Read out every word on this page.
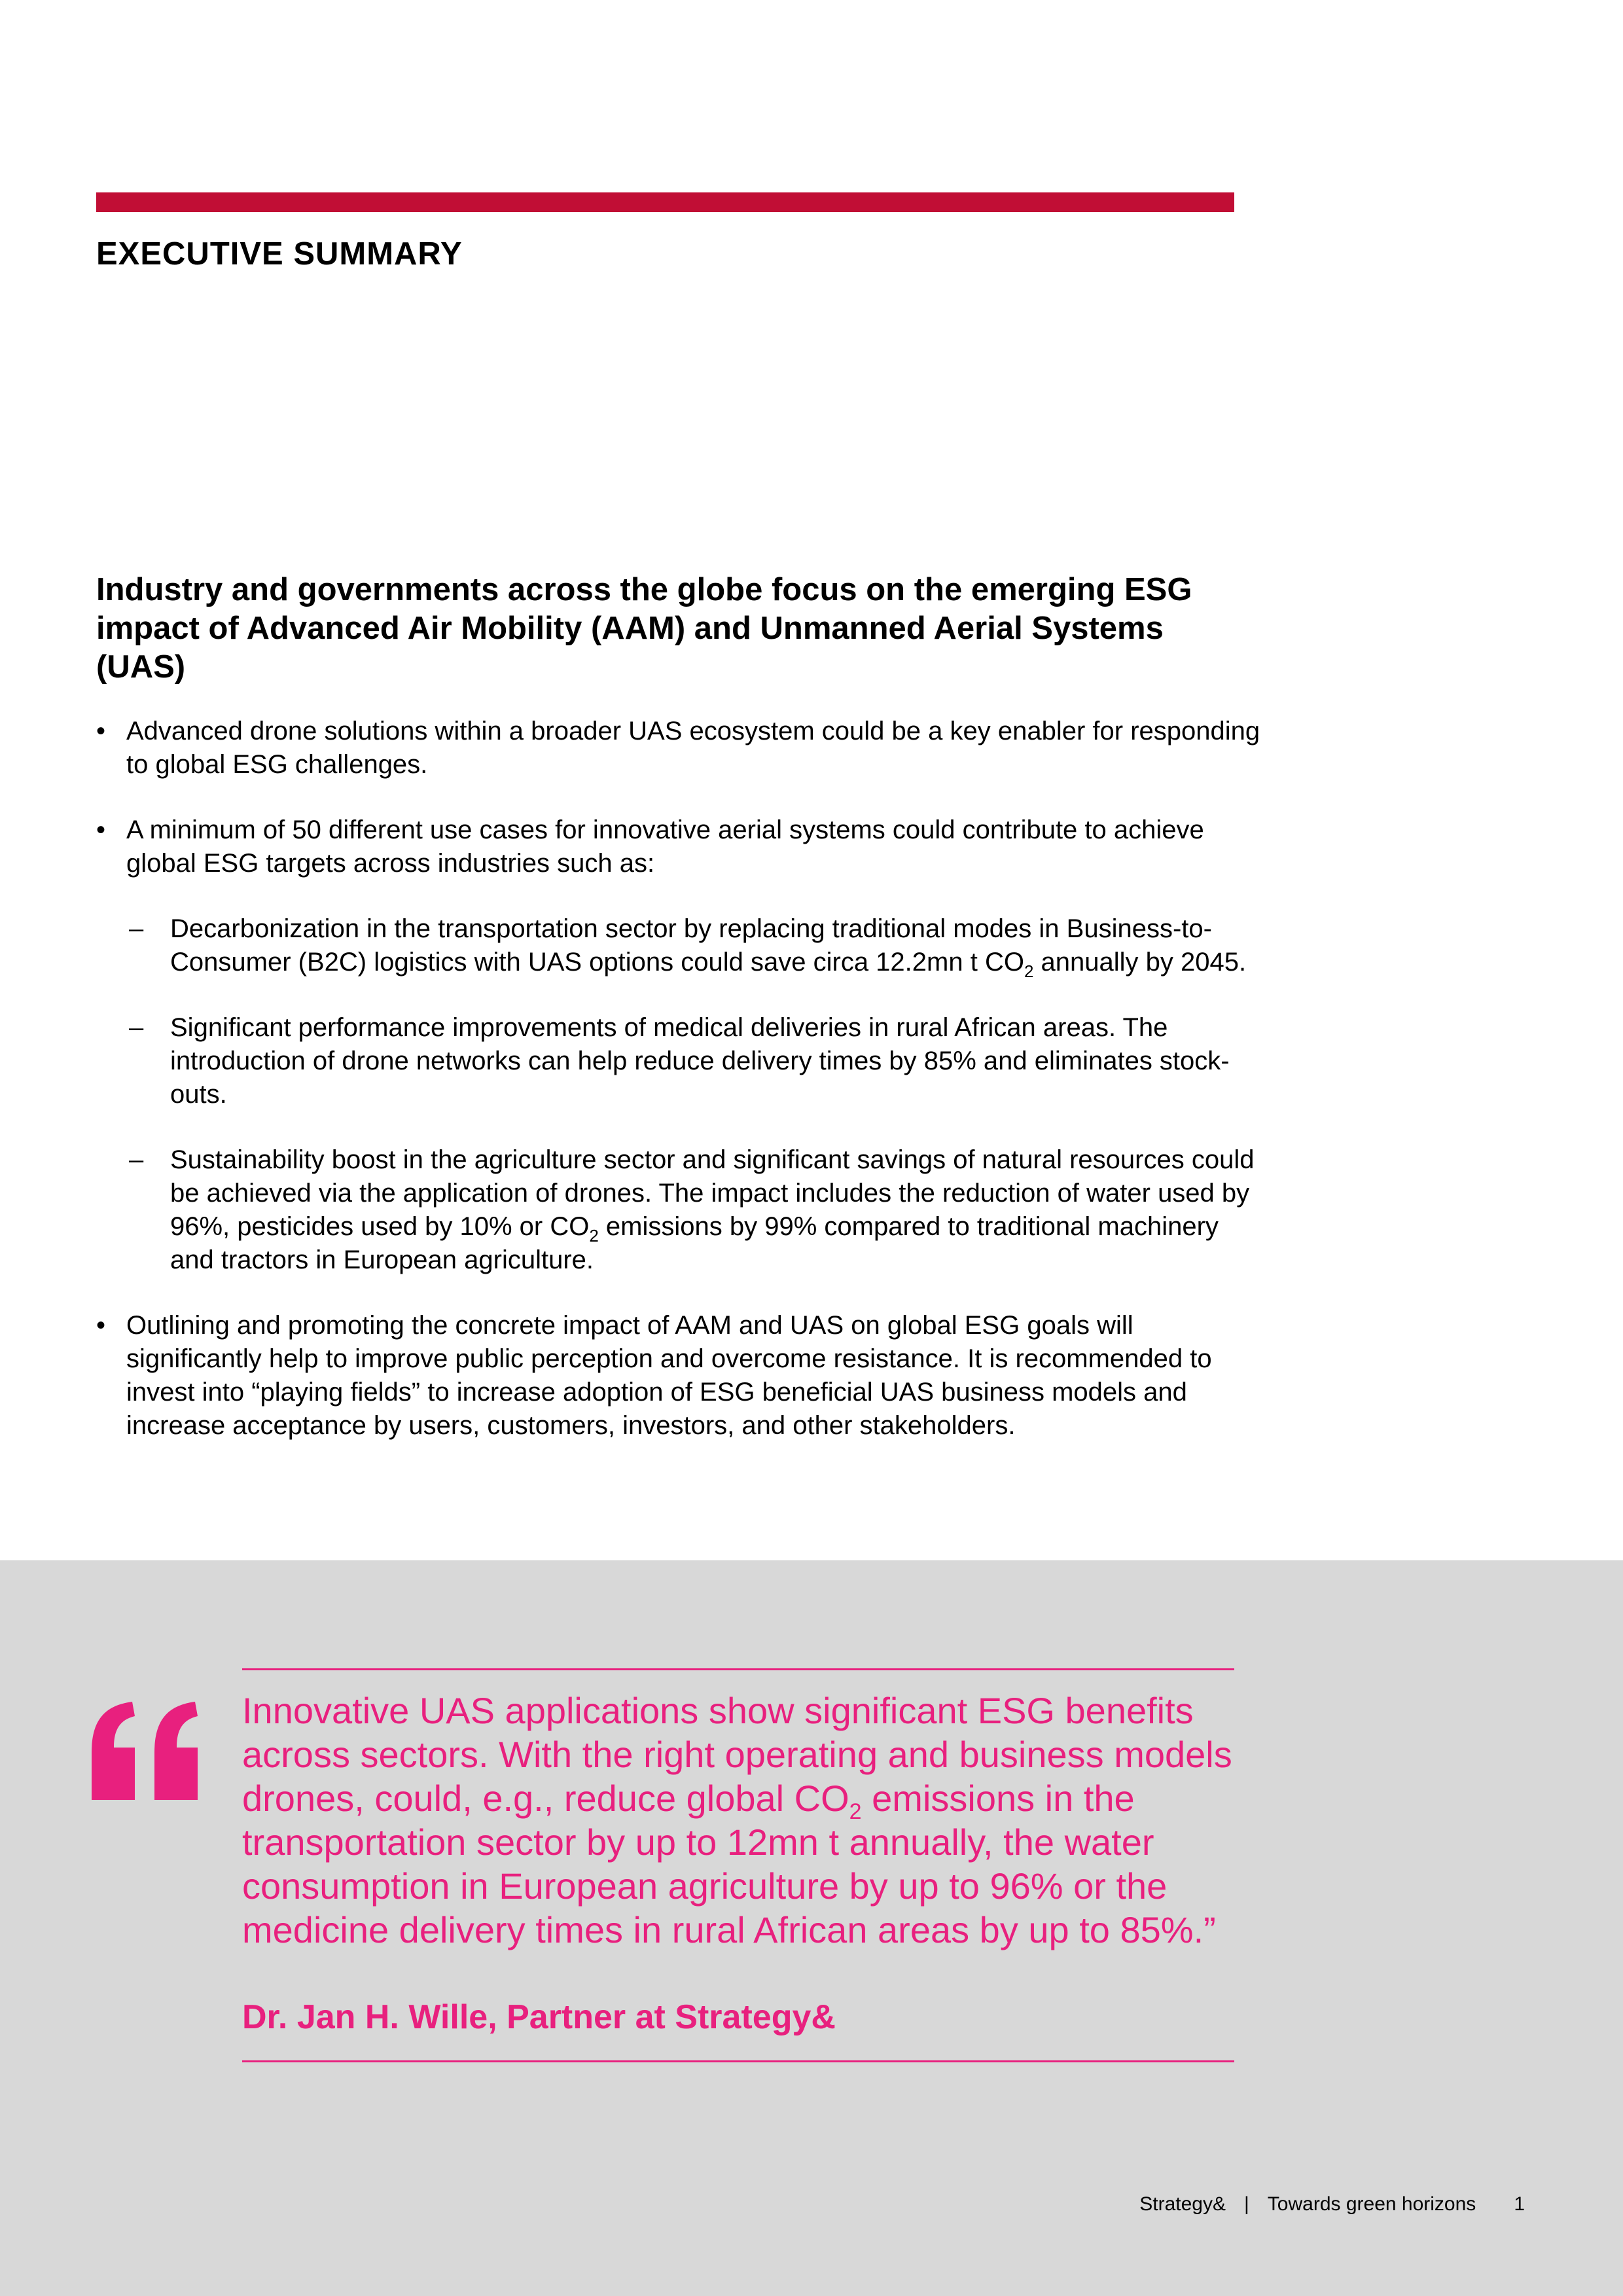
EXECUTIVE SUMMARY
Industry and governments across the globe focus on the emerging ESG impact of Advanced Air Mobility (AAM) and Unmanned Aerial Systems (UAS)

• Advanced drone solutions within a broader UAS ecosystem could be a key enabler for responding to global ESG challenges.

• A minimum of 50 different use cases for innovative aerial systems could contribute to achieve global ESG targets across industries such as:

– Decarbonization in the transportation sector by replacing traditional modes in Business-to-Consumer (B2C) logistics with UAS options could save circa 12.2mn t $CO_2$ annually by 2045.

– Significant performance improvements of medical deliveries in rural African areas. The introduction of drone networks can help reduce delivery times by 85% and eliminates stock-outs.

– Sustainability boost in the agriculture sector and significant savings of natural resources could be achieved via the application of drones. The impact includes the reduction of water used by 96%, pesticides used by 10% or $CO_2$ emissions by 99% compared to traditional machinery and tractors in European agriculture.

• Outlining and promoting the concrete impact of AAM and UAS on global ESG goals will significantly help to improve public perception and overcome resistance. It is recommended to invest into “playing fields” to increase adoption of ESG beneficial UAS business models and increase acceptance by users, customers, investors, and other stakeholders.

Innovative UAS applications show significant ESG benefits across sectors. With the right operating and business models drones, could, e.g., reduce global $CO_2$ emissions in the transportation sector by up to 12mn t annually, the water consumption in European agriculture by up to 96% or the medicine delivery times in rural African areas by up to 85%.”

Dr. Jan H. Wille, Partner at Strategy&

Strategy& | Towards green horizons 1
